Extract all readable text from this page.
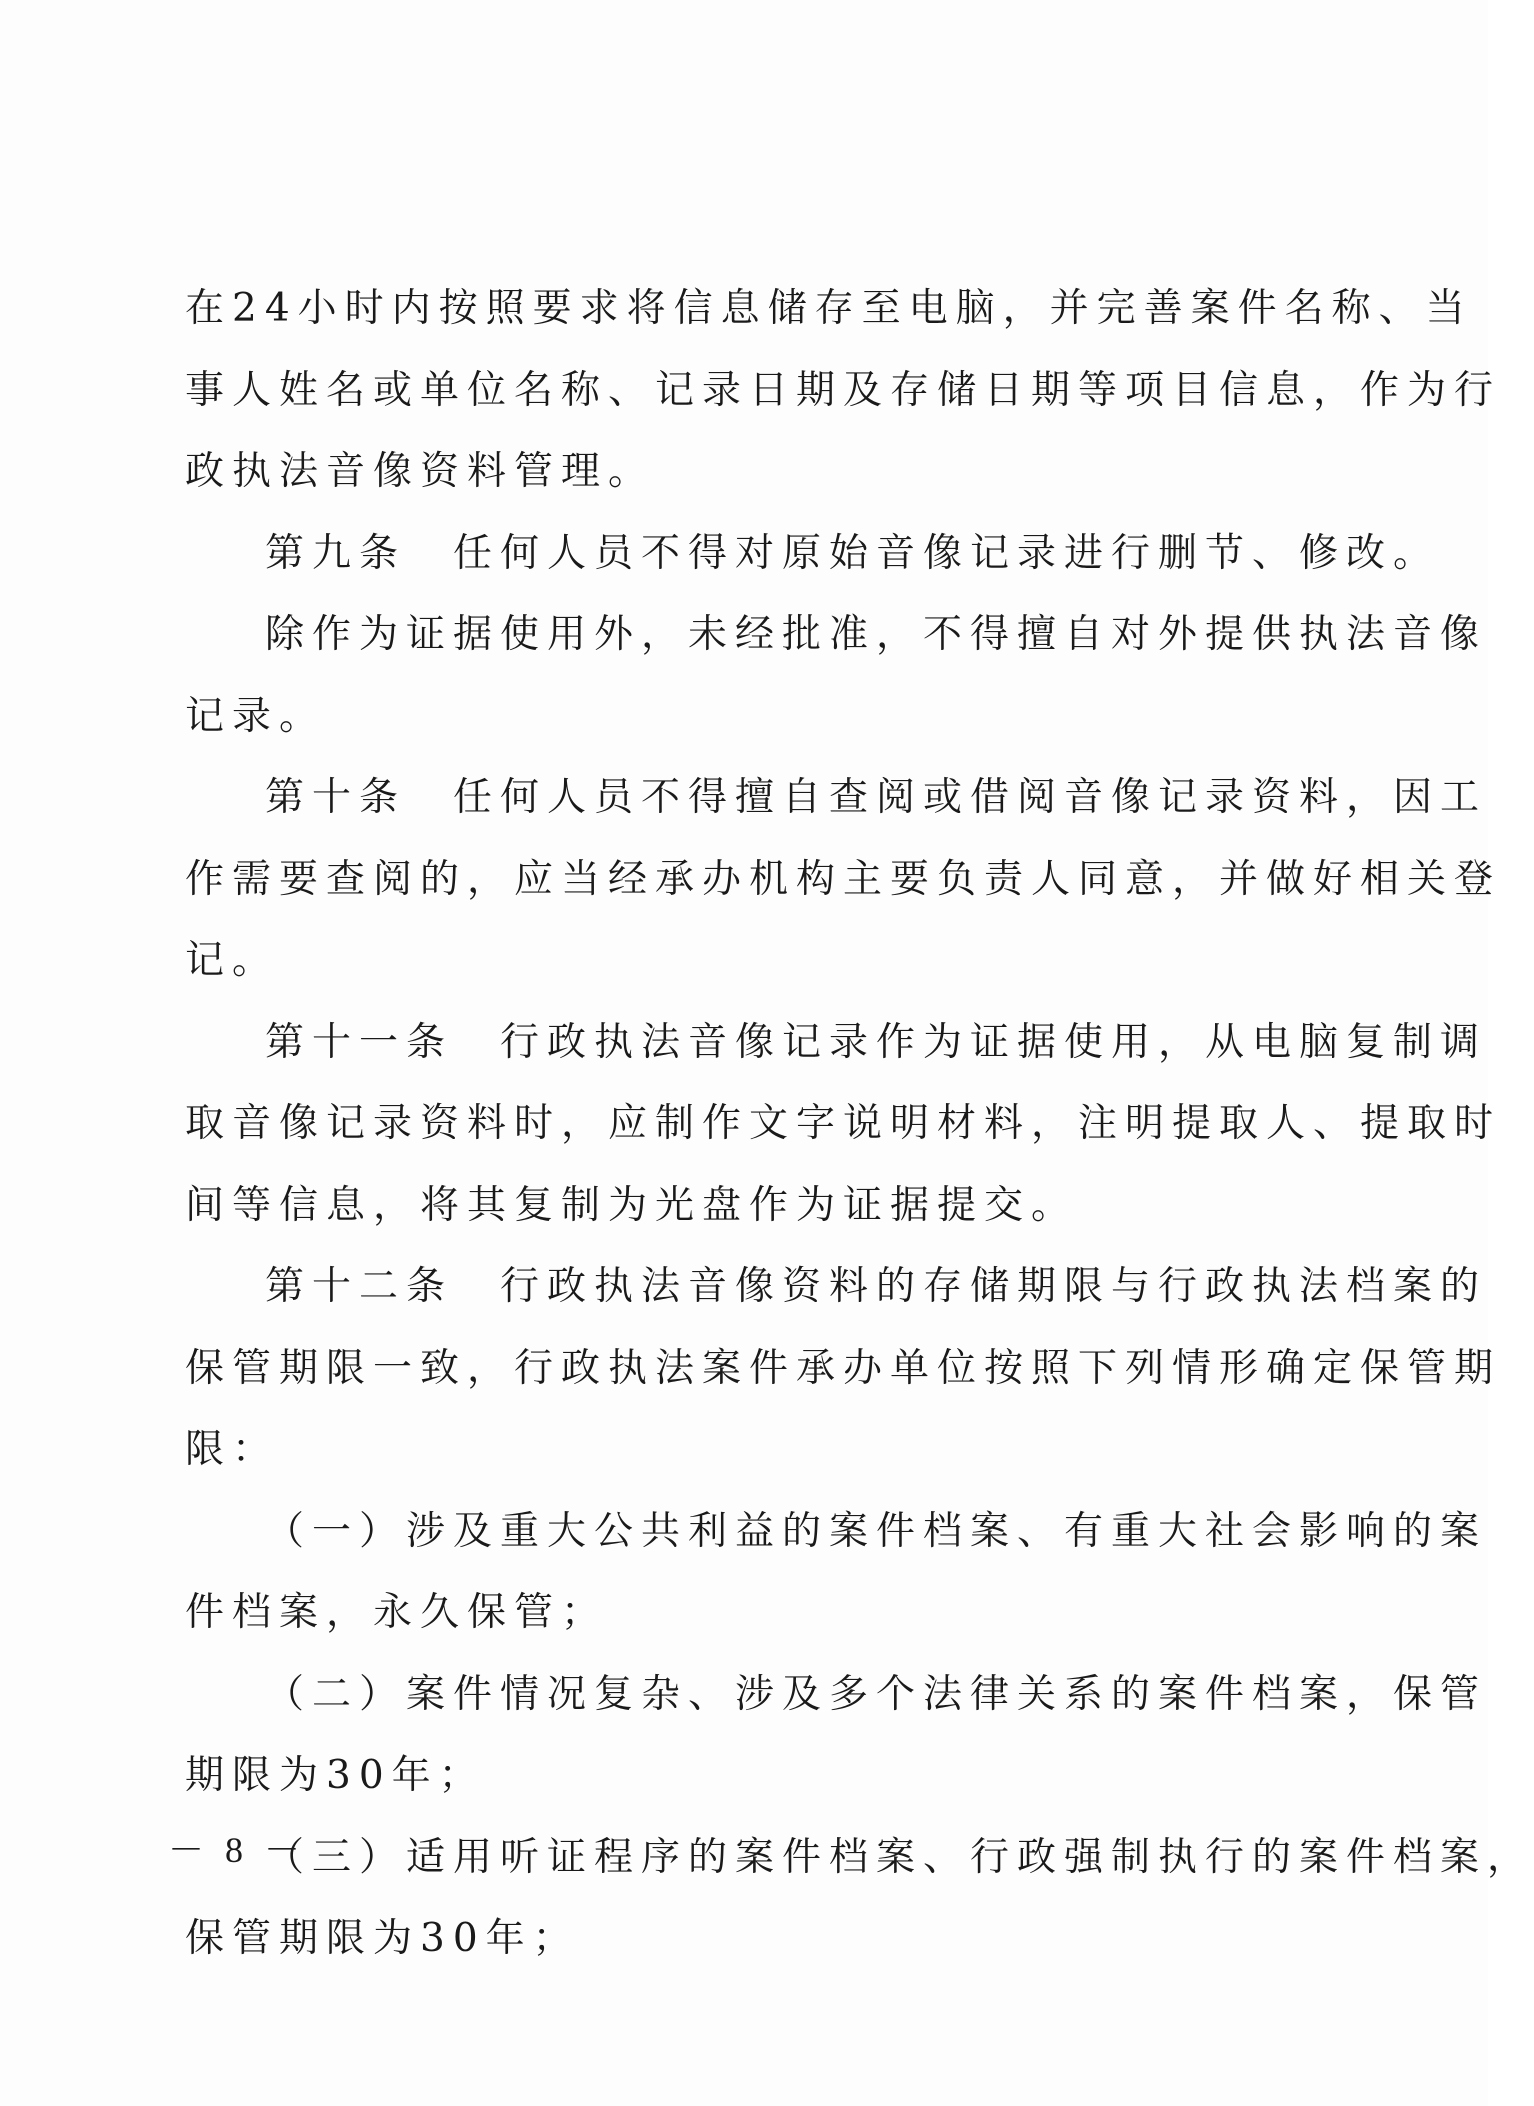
在24小时内按照要求将信息储存至电脑，并完善案件名称、当
事人姓名或单位名称、记录日期及存储日期等项目信息，作为行
政执法音像资料管理。
第九条　任何人员不得对原始音像记录进行删节、修改。
除作为证据使用外，未经批准，不得擅自对外提供执法音像
记录。
第十条　任何人员不得擅自查阅或借阅音像记录资料，因工
作需要查阅的，应当经承办机构主要负责人同意，并做好相关登
记。
第十一条　行政执法音像记录作为证据使用，从电脑复制调
取音像记录资料时，应制作文字说明材料，注明提取人、提取时
间等信息，将其复制为光盘作为证据提交。
第十二条　行政执法音像资料的存储期限与行政执法档案的
保管期限一致，行政执法案件承办单位按照下列情形确定保管期
限：
（一）涉及重大公共利益的案件档案、有重大社会影响的案
件档案，永久保管；
（二）案件情况复杂、涉及多个法律关系的案件档案，保管
期限为30年；
（三）适用听证程序的案件档案、行政强制执行的案件档案，
保管期限为30年；
－ 8 －
